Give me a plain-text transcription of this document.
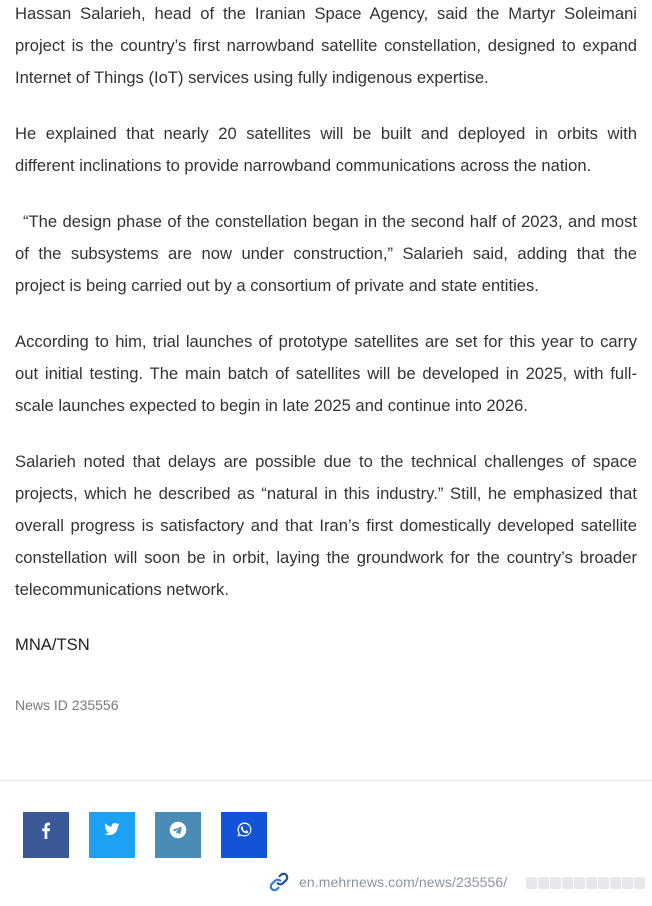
Hassan Salarieh, head of the Iranian Space Agency, said the Martyr Soleimani project is the country’s first narrowband satellite constellation, designed to expand Internet of Things (IoT) services using fully indigenous expertise.

He explained that nearly 20 satellites will be built and deployed in orbits with different inclinations to provide narrowband communications across the nation.

“The design phase of the constellation began in the second half of 2023, and most of the subsystems are now under construction,” Salarieh said, adding that the project is being carried out by a consortium of private and state entities.

According to him, trial launches of prototype satellites are set for this year to carry out initial testing. The main batch of satellites will be developed in 2025, with full-scale launches expected to begin in late 2025 and continue into 2026.

Salarieh noted that delays are possible due to the technical challenges of space projects, which he described as “natural in this industry.” Still, he emphasized that overall progress is satisfactory and that Iran’s first domestically developed satellite constellation will soon be in orbit, laying the groundwork for the country’s broader telecommunications network.

MNA/TSN

News ID 235556
en.mehrnews.com/news/235556/
